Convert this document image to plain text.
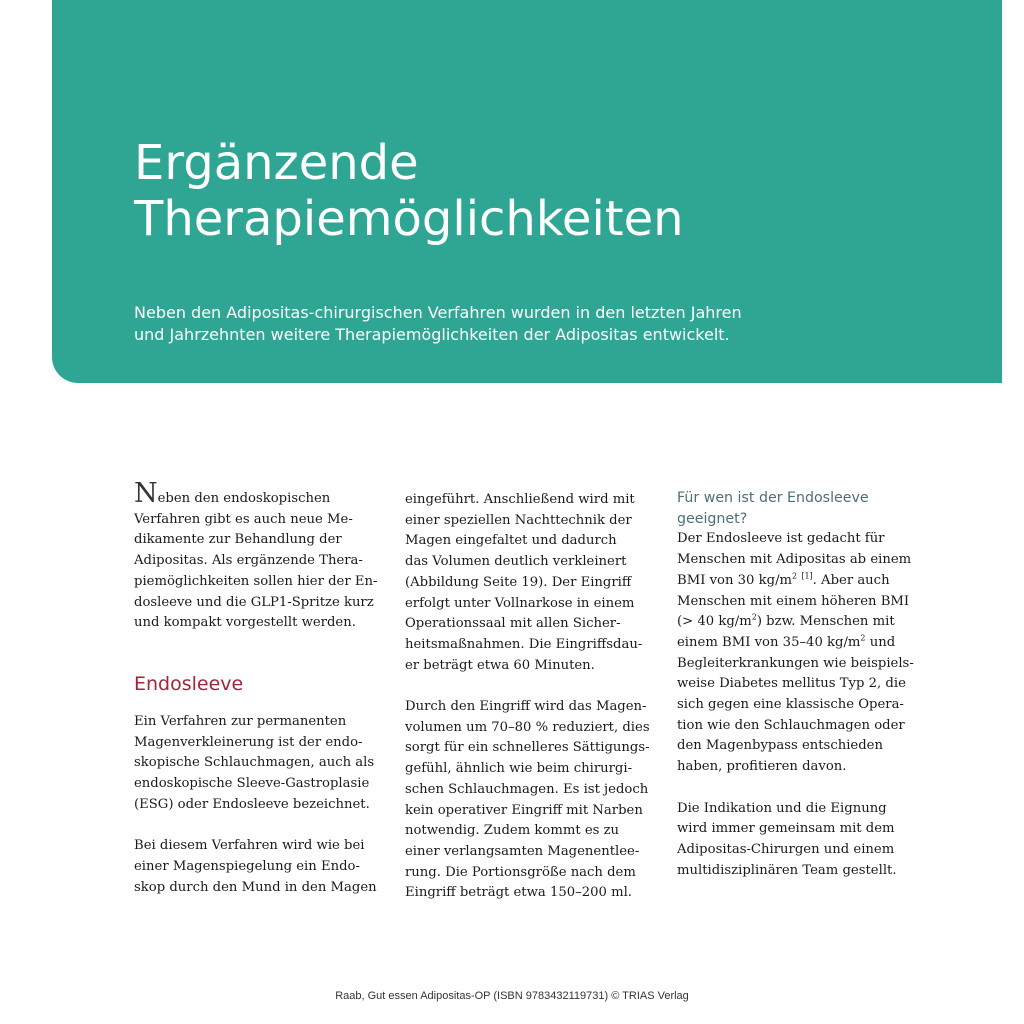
Ergänzende
Therapiemöglichkeiten

Neben den Adipositas-chirurgischen Verfahren wurden in den letzten Jahren
und Jahrzehnten weitere Therapiemöglichkeiten der Adipositas entwickelt.

Neben den endoskopischen
Verfahren gibt es auch neue Me-
dikamente zur Behandlung der
Adipositas. Als ergänzende Thera-
piemöglichkeiten sollen hier der En-
dosleeve und die GLP1-Spritze kurz
und kompakt vorgestellt werden.

Endosleeve

Ein Verfahren zur permanenten
Magenverkleinerung ist der endo-
skopische Schlauchmagen, auch als
endoskopische Sleeve-Gastroplasie
(ESG) oder Endosleeve bezeichnet.

Bei diesem Verfahren wird wie bei
einer Magenspiegelung ein Endo-
skop durch den Mund in den Magen

eingeführt. Anschließend wird mit
einer speziellen Nachttechnik der
Magen eingefaltet und dadurch
das Volumen deutlich verkleinert
(Abbildung Seite 19). Der Eingriff
erfolgt unter Vollnarkose in einem
Operationssaal mit allen Sicher-
heitsmaßnahmen. Die Eingriffsdau-
er beträgt etwa 60 Minuten.

Durch den Eingriff wird das Magen-
volumen um 70–80 % reduziert, dies
sorgt für ein schnelleres Sättigungs-
gefühl, ähnlich wie beim chirurgi-
schen Schlauchmagen. Es ist jedoch
kein operativer Eingriff mit Narben
notwendig. Zudem kommt es zu
einer verlangsamten Magenentlee-
rung. Die Portionsgröße nach dem
Eingriff beträgt etwa 150–200 ml.

Für wen ist der Endosleeve
geeignet?

Der Endosleeve ist gedacht für
Menschen mit Adipositas ab einem
BMI von 30 $kg/m^2$ [1]. Aber auch
Menschen mit einem höheren BMI
(> 40 $kg/m^2$) bzw. Menschen mit
einem BMI von 35–40 $kg/m^2$ und
Begleiterkrankungen wie beispiels-
weise Diabetes mellitus Typ 2, die
sich gegen eine klassische Opera-
tion wie den Schlauchmagen oder
den Magenbypass entschieden
haben, profitieren davon.

Die Indikation und die Eignung
wird immer gemeinsam mit dem
Adipositas-Chirurgen und einem
multidisziplinären Team gestellt.

Raab, Gut essen Adipositas-OP (ISBN 9783432119731) © TRIAS Verlag
